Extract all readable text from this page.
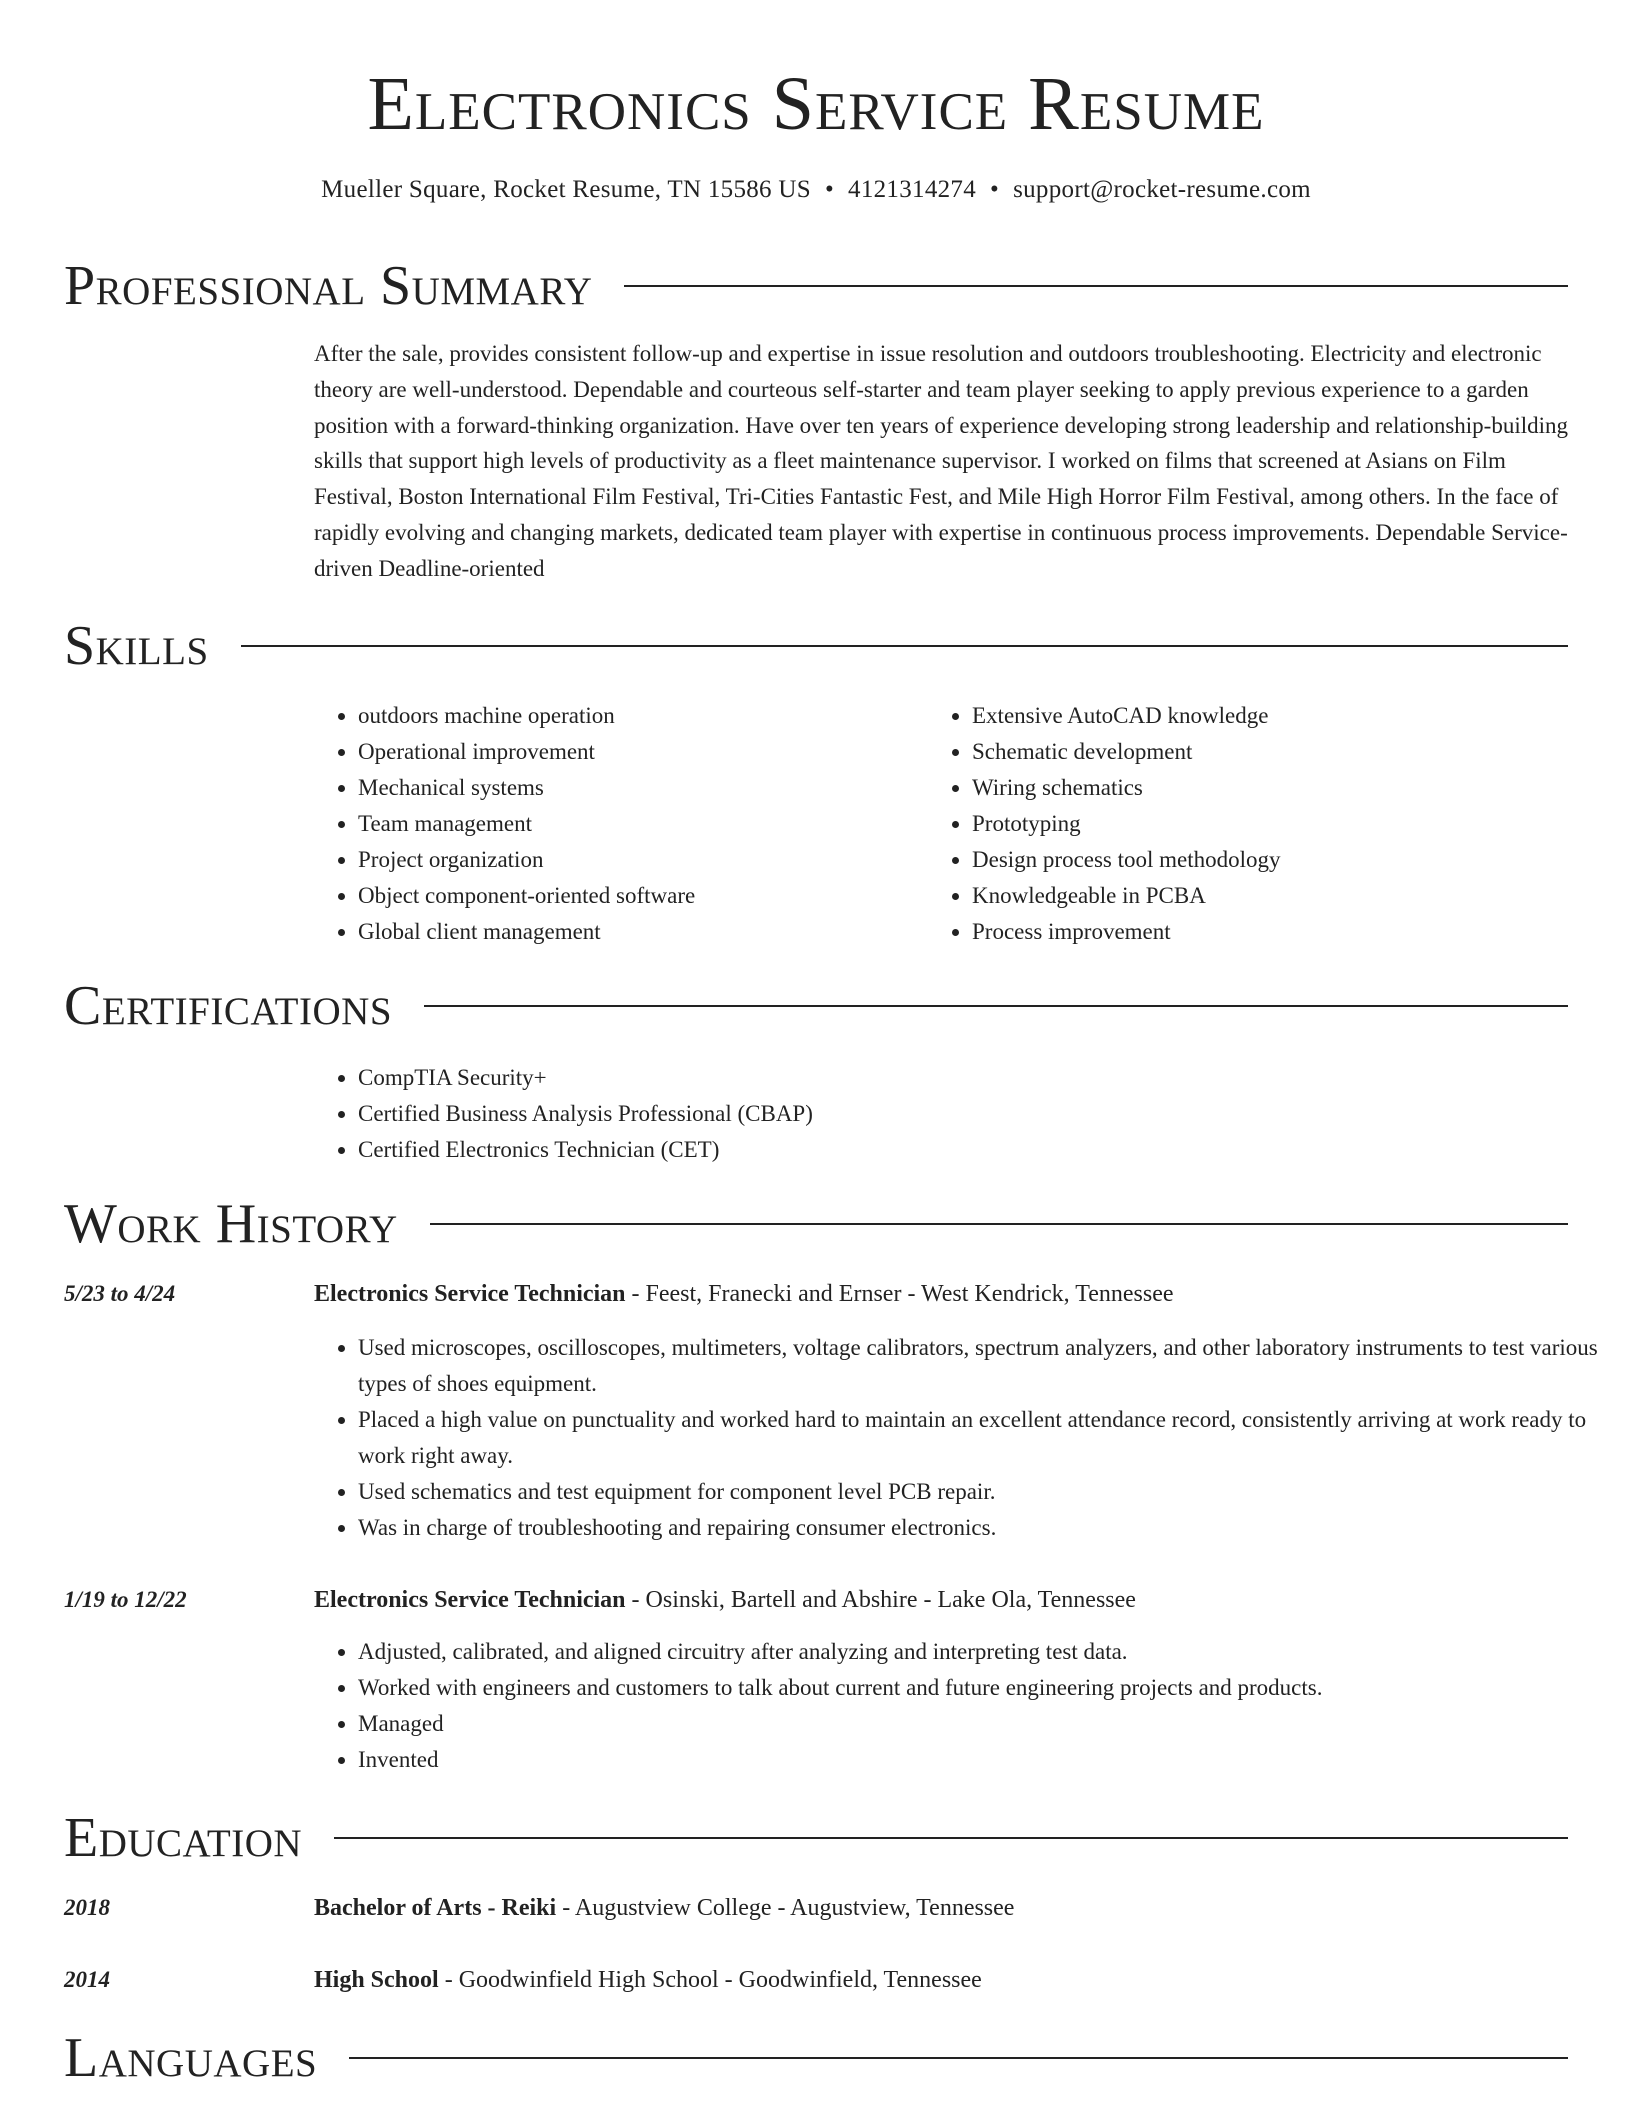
Electronics Service Resume
Mueller Square, Rocket Resume, TN 15586 US • 4121314274 • support@rocket-resume.com
Professional Summary

After the sale, provides consistent follow-up and expertise in issue resolution and outdoors troubleshooting. Electricity and electronic theory are well-understood. Dependable and courteous self-starter and team player seeking to apply previous experience to a garden position with a forward-thinking organization. Have over ten years of experience developing strong leadership and relationship-building skills that support high levels of productivity as a fleet maintenance supervisor. I worked on films that screened at Asians on Film Festival, Boston International Film Festival, Tri-Cities Fantastic Fest, and Mile High Horror Film Festival, among others. In the face of rapidly evolving and changing markets, dedicated team player with expertise in continuous process improvements. Dependable Service-driven Deadline-oriented

Skills
• outdoors machine operation
• Operational improvement
• Mechanical systems
• Team management
• Project organization
• Object component-oriented software
• Global client management
• Extensive AutoCAD knowledge
• Schematic development
• Wiring schematics
• Prototyping
• Design process tool methodology
• Knowledgeable in PCBA
• Process improvement
Certifications
• CompTIA Security+
• Certified Business Analysis Professional (CBAP)
• Certified Electronics Technician (CET)
Work History
5/23 to 4/24	Electronics Service Technician - Feest, Franecki and Ernser - West Kendrick, Tennessee
• Used microscopes, oscilloscopes, multimeters, voltage calibrators, spectrum analyzers, and other laboratory instruments to test various types of shoes equipment.
• Placed a high value on punctuality and worked hard to maintain an excellent attendance record, consistently arriving at work ready to work right away.
• Used schematics and test equipment for component level PCB repair.
• Was in charge of troubleshooting and repairing consumer electronics.
1/19 to 12/22	Electronics Service Technician - Osinski, Bartell and Abshire - Lake Ola, Tennessee
• Adjusted, calibrated, and aligned circuitry after analyzing and interpreting test data.
• Worked with engineers and customers to talk about current and future engineering projects and products.
• Managed
• Invented
Education
2018	Bachelor of Arts - Reiki - Augustview College - Augustview, Tennessee
2014	High School - Goodwinfield High School - Goodwinfield, Tennessee
Languages
